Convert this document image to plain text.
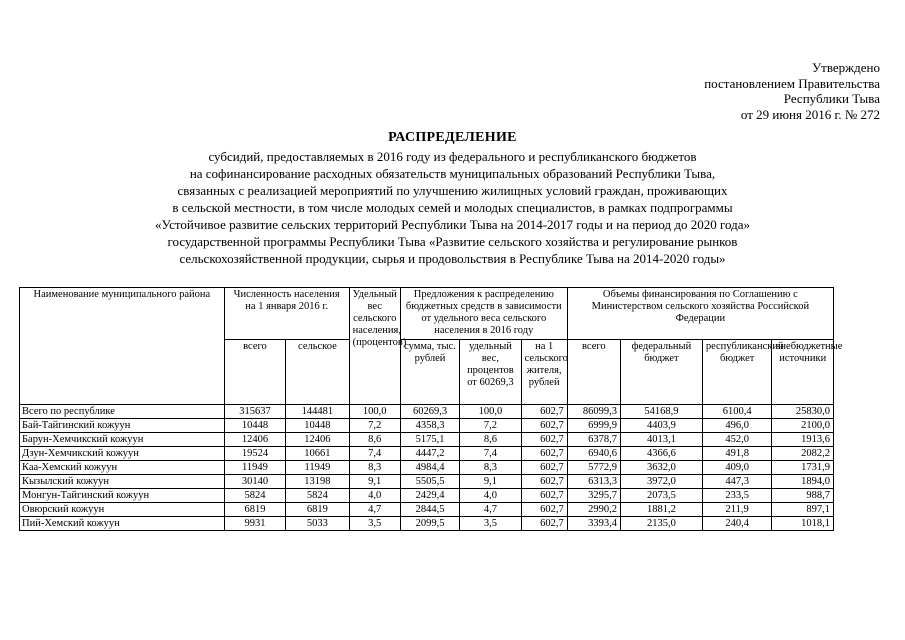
Утверждено
постановлением Правительства
Республики Тыва
от 29 июня 2016 г. № 272
РАСПРЕДЕЛЕНИЕ
субсидий, предоставляемых в 2016 году из федерального и республиканского бюджетов
на софинансирование расходных обязательств муниципальных образований Республики Тыва,
связанных с реализацией мероприятий по улучшению жилищных условий граждан, проживающих
в сельской местности, в том числе молодых семей и молодых специалистов, в рамках подпрограммы
«Устойчивое развитие сельских территорий Республики Тыва на 2014-2017 годы и на период до 2020 года»
государственной программы Республики Тыва «Развитие сельского хозяйства и регулирование рынков
сельскохозяйственной продукции, сырья и продовольствия в Республике Тыва на 2014-2020 годы»
Наименование муниципального района	Численность населения на 1 января 2016 г.		Удельный вес сельского населения, (процентов)	Предложения к распределению бюджетных средств в зависимости от удельного веса сельского населения в 2016 году			Объемы финансирования по Соглашению с Министерством сельского хозяйства Российской Федерации			
	всего	сельское		сумма, тыс. рублей	удельный вес, процентов от 60269,3	на 1 сельского жителя, рублей	всего	федеральный бюджет	республиканский бюджет	внебюджетные источники
Всего по республике	315637	144481	100,0	60269,3	100,0	602,7	86099,3	54168,9	6100,4	25830,0
Бай-Тайгинский кожуун	10448	10448	7,2	4358,3	7,2	602,7	6999,9	4403,9	496,0	2100,0
Барун-Хемчикский кожуун	12406	12406	8,6	5175,1	8,6	602,7	6378,7	4013,1	452,0	1913,6
Дзун-Хемчикский кожуун	19524	10661	7,4	4447,2	7,4	602,7	6940,6	4366,6	491,8	2082,2
Каа-Хемский кожуун	11949	11949	8,3	4984,4	8,3	602,7	5772,9	3632,0	409,0	1731,9
Кызылский кожуун	30140	13198	9,1	5505,5	9,1	602,7	6313,3	3972,0	447,3	1894,0
Монгун-Тайгинский кожуун	5824	5824	4,0	2429,4	4,0	602,7	3295,7	2073,5	233,5	988,7
Овюрский кожуун	6819	6819	4,7	2844,5	4,7	602,7	2990,2	1881,2	211,9	897,1
Пий-Хемский кожуун	9931	5033	3,5	2099,5	3,5	602,7	3393,4	2135,0	240,4	1018,1
